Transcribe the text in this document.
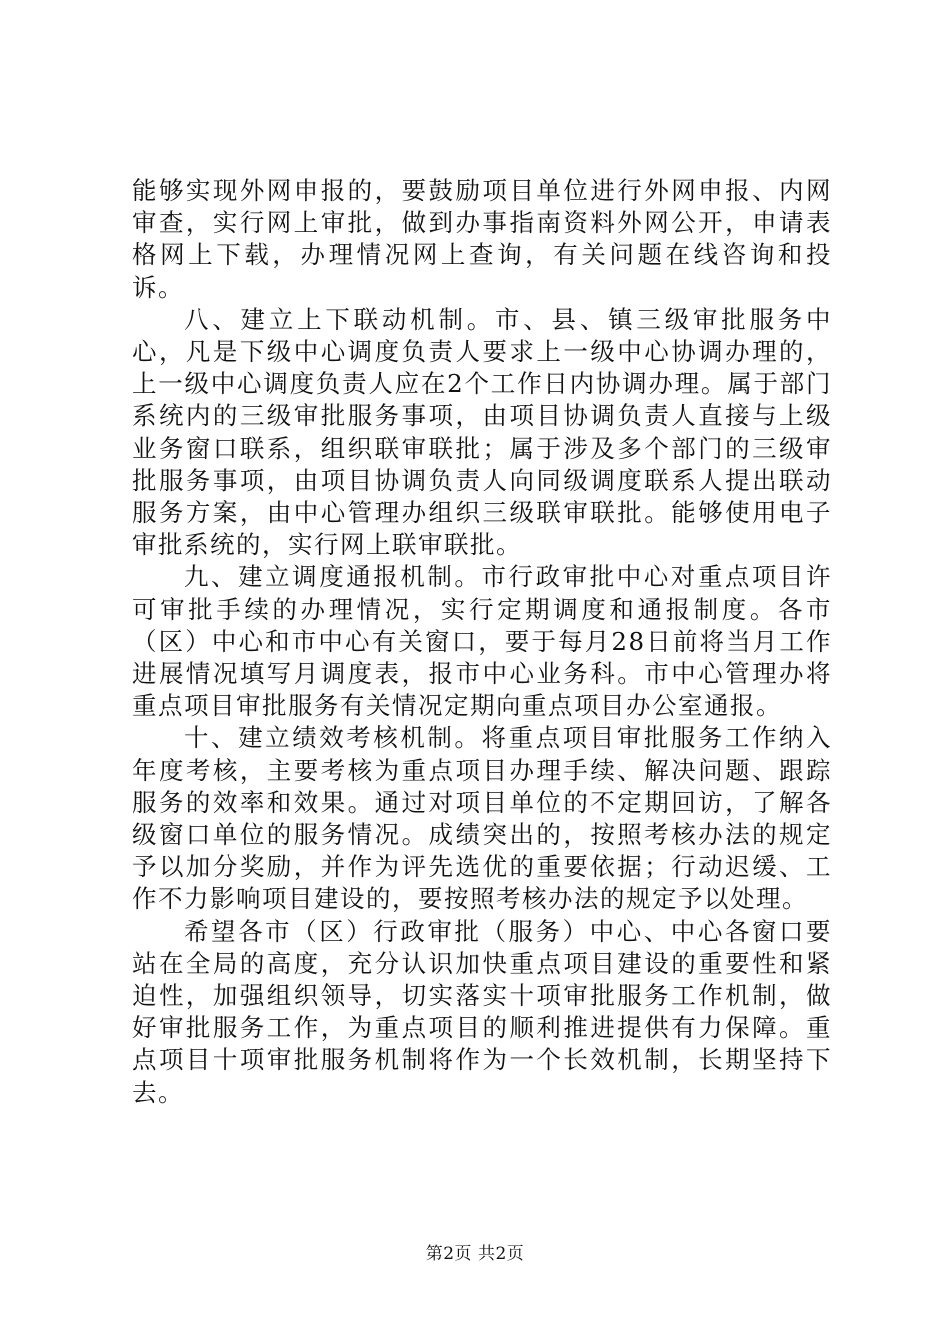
能够实现外网申报的，要鼓励项目单位进行外网申报、内网审查，实行网上审批，做到办事指南资料外网公开，申请表格网上下载，办理情况网上查询，有关问题在线咨询和投诉。

八、建立上下联动机制。市、县、镇三级审批服务中心，凡是下级中心调度负责人要求上一级中心协调办理的，上一级中心调度负责人应在2个工作日内协调办理。属于部门系统内的三级审批服务事项，由项目协调负责人直接与上级业务窗口联系，组织联审联批；属于涉及多个部门的三级审批服务事项，由项目协调负责人向同级调度联系人提出联动服务方案，由中心管理办组织三级联审联批。能够使用电子审批系统的，实行网上联审联批。

九、建立调度通报机制。市行政审批中心对重点项目许可审批手续的办理情况，实行定期调度和通报制度。各市（区）中心和市中心有关窗口，要于每月28日前将当月工作进展情况填写月调度表，报市中心业务科。市中心管理办将重点项目审批服务有关情况定期向重点项目办公室通报。

十、建立绩效考核机制。将重点项目审批服务工作纳入年度考核，主要考核为重点项目办理手续、解决问题、跟踪服务的效率和效果。通过对项目单位的不定期回访，了解各级窗口单位的服务情况。成绩突出的，按照考核办法的规定予以加分奖励，并作为评先选优的重要依据；行动迟缓、工作不力影响项目建设的，要按照考核办法的规定予以处理。

希望各市（区）行政审批（服务）中心、中心各窗口要站在全局的高度，充分认识加快重点项目建设的重要性和紧迫性，加强组织领导，切实落实十项审批服务工作机制，做好审批服务工作，为重点项目的顺利推进提供有力保障。重点项目十项审批服务机制将作为一个长效机制，长期坚持下去。

第2页 共2页
